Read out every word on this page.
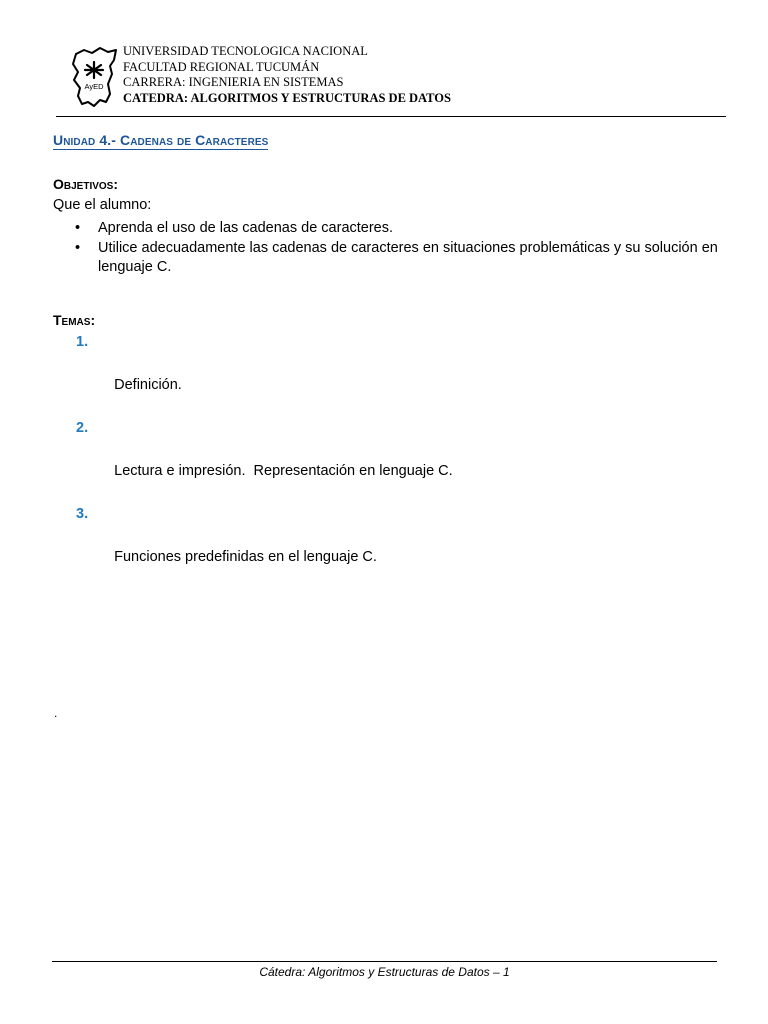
AyED
UNIVERSIDAD TECNOLOGICA NACIONAL
FACULTAD REGIONAL TUCUMÁN
CARRERA: INGENIERIA EN SISTEMAS
CATEDRA: ALGORITMOS Y ESTRUCTURAS DE DATOS
Unidad 4.- Cadenas de Caracteres
Objetivos:
Que el alumno:
• Aprenda el uso de las cadenas de caracteres.
• Utilice adecuadamente las cadenas de caracteres en situaciones problemáticas y su solución en lenguaje C.
Temas:

1.

Definición.

2.

Lectura e impresión.  Representación en lenguaje C.

3.

Funciones predefinidas en el lenguaje C.

.
Cátedra: Algoritmos y Estructuras de Datos – 1
